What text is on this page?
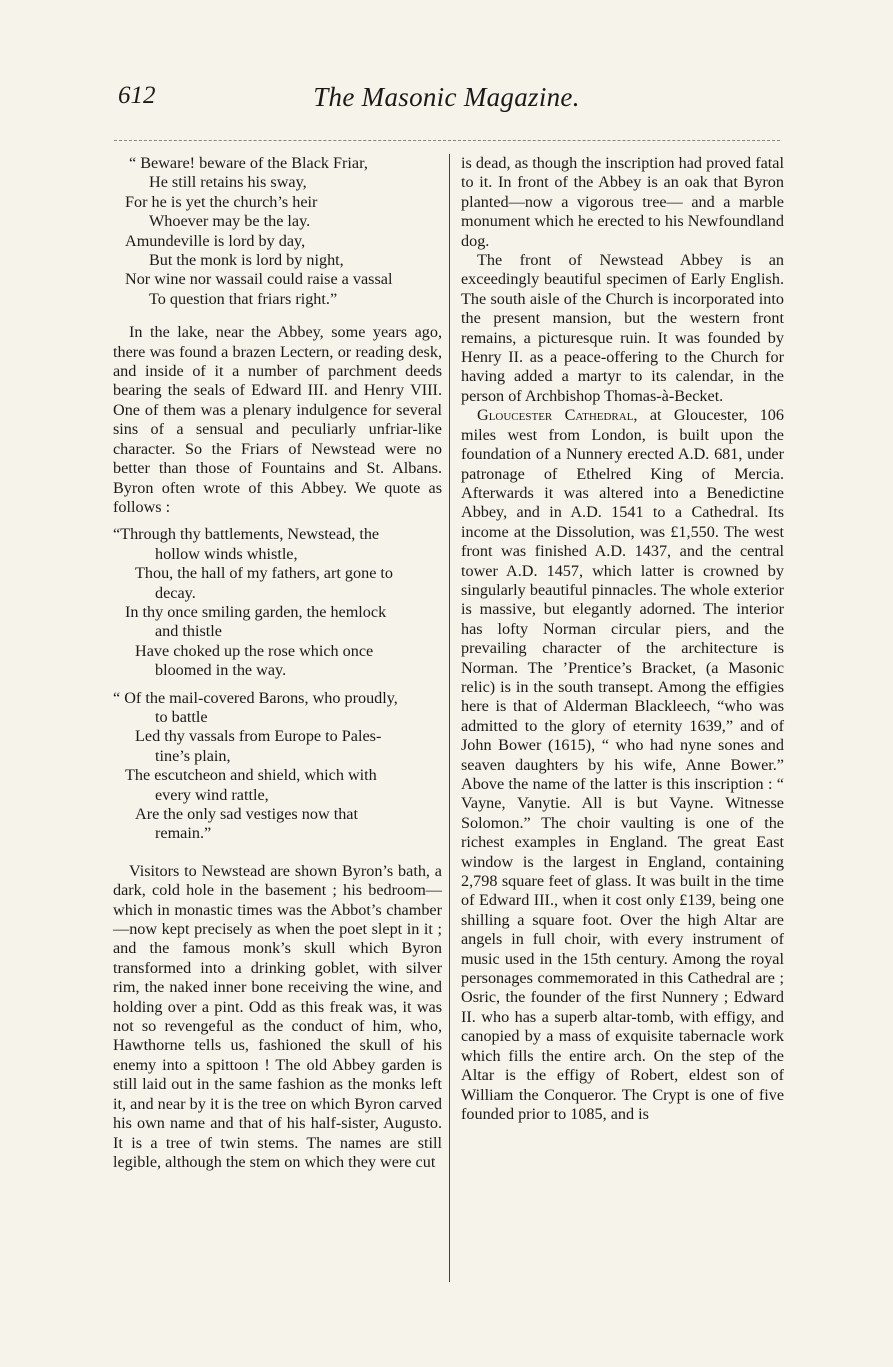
612	The Masonic Magazine.
“ Beware! beware of the Black Friar,
He still retains his sway,
For he is yet the church’s heir
Whoever may be the lay.
Amundeville is lord by day,
But the monk is lord by night,
Nor wine nor wassail could raise a vassal
To question that friars right.”

In the lake, near the Abbey, some years ago, there was found a brazen Lectern, or reading desk, and inside of it a number of parchment deeds bearing the seals of Edward III. and Henry VIII. One of them was a plenary indulgence for several sins of a sensual and peculiarly unfriar-like character. So the Friars of Newstead were no better than those of Fountains and St. Albans. Byron often wrote of this Abbey. We quote as follows :

“Through thy battlements, Newstead, the
hollow winds whistle,
Thou, the hall of my fathers, art gone to
decay.
In thy once smiling garden, the hemlock
and thistle
Have choked up the rose which once
bloomed in the way.
“ Of the mail-covered Barons, who proudly,
to battle
Led thy vassals from Europe to Pales-
tine’s plain,
The escutcheon and shield, which with
every wind rattle,
Are the only sad vestiges now that
remain.”

Visitors to Newstead are shown Byron’s bath, a dark, cold hole in the basement ; his bedroom—which in monastic times was the Abbot’s chamber—now kept precisely as when the poet slept in it ; and the famous monk’s skull which Byron transformed into a drinking goblet, with silver rim, the naked inner bone receiving the wine, and holding over a pint. Odd as this freak was, it was not so revengeful as the conduct of him, who, Hawthorne tells us, fashioned the skull of his enemy into a spittoon ! The old Abbey garden is still laid out in the same fashion as the monks left it, and near by it is the tree on which Byron carved his own name and that of his half-sister, Augusto. It is a tree of twin stems. The names are still legible, although the stem on which they were cut

is dead, as though the inscription had proved fatal to it. In front of the Abbey is an oak that Byron planted—now a vigorous tree— and a marble monument which he erected to his Newfoundland dog.

The front of Newstead Abbey is an exceedingly beautiful specimen of Early English. The south aisle of the Church is incorporated into the present mansion, but the western front remains, a picturesque ruin. It was founded by Henry II. as a peace-offering to the Church for having added a martyr to its calendar, in the person of Archbishop Thomas-à-Becket.

Gloucester Cathedral, at Gloucester, 106 miles west from London, is built upon the foundation of a Nunnery erected A.D. 681, under patronage of Ethelred King of Mercia. Afterwards it was altered into a Benedictine Abbey, and in A.D. 1541 to a Cathedral. Its income at the Dissolution, was £1,550. The west front was finished A.D. 1437, and the central tower A.D. 1457, which latter is crowned by singularly beautiful pinnacles. The whole exterior is massive, but elegantly adorned. The interior has lofty Norman circular piers, and the prevailing character of the architecture is Norman. The ’Prentice’s Bracket, (a Masonic relic) is in the south transept. Among the effigies here is that of Alderman Blackleech, “who was admitted to the glory of eternity 1639,” and of John Bower (1615), “ who had nyne sones and seaven daughters by his wife, Anne Bower.” Above the name of the latter is this inscription : “ Vayne, Vanytie. All is but Vayne. Witnesse Solomon.” The choir vaulting is one of the richest examples in England. The great East window is the largest in England, containing 2,798 square feet of glass. It was built in the time of Edward III., when it cost only £139, being one shilling a square foot. Over the high Altar are angels in full choir, with every instrument of music used in the 15th century. Among the royal personages commemorated in this Cathedral are ; Osric, the founder of the first Nunnery ; Edward II. who has a superb altar-tomb, with effigy, and canopied by a mass of exquisite tabernacle work which fills the entire arch. On the step of the Altar is the effigy of Robert, eldest son of William the Conqueror. The Crypt is one of five founded prior to 1085, and is
